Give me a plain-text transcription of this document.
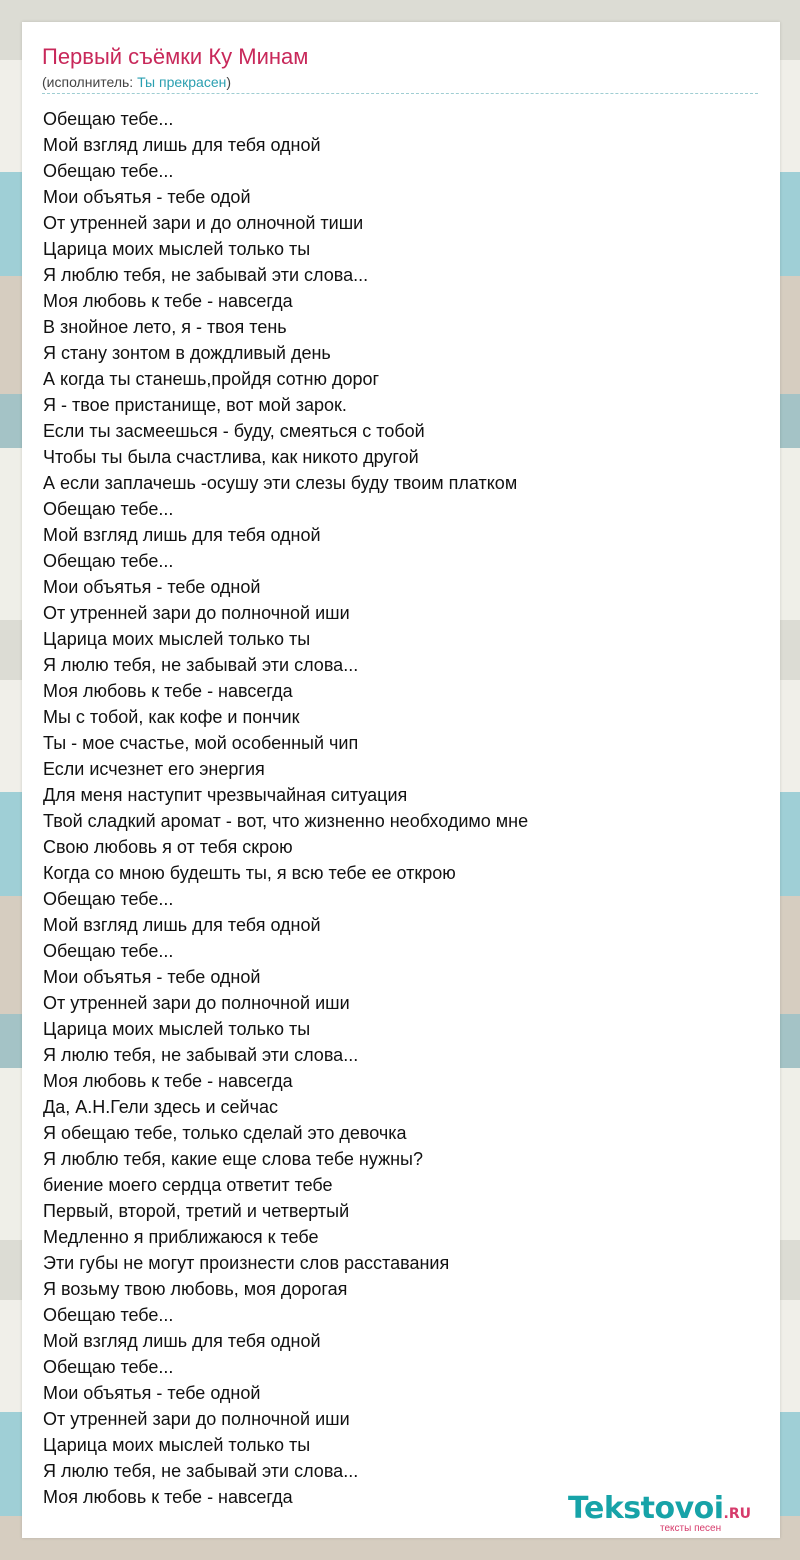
Первый съёмки Ку Минам
(исполнитель: Ты прекрасен)
Обещаю тебе...
Мой взгляд лишь для тебя одной
Обещаю тебе...
Мои объятья - тебе одой
От утренней зари и до олночной тиши
Царица моих мыслей только ты
Я люблю тебя, не забывай эти слова...
Моя любовь к тебе - навсегда
В знойное лето, я - твоя тень
Я стану зонтом в дождливый день
А когда ты станешь,пройдя сотню дорог
Я - твое пристанище, вот мой зарок.
Если ты засмеешься - буду, смеяться с тобой
Чтобы ты была счастлива, как никото другой
А если заплачешь -осушу эти слезы буду твоим платком
Обещаю тебе...
Мой взгляд лишь для тебя одной
Обещаю тебе...
Мои объятья - тебе одной
От утренней зари до полночной иши
Царица моих мыслей только ты
Я люлю тебя, не забывай эти слова...
Моя любовь к тебе - навсегда
Мы с тобой, как кофе и пончик
Ты - мое счастье, мой особенный чип
Если исчезнет его энергия
Для меня наступит чрезвычайная ситуация
Твой сладкий аромат - вот, что жизненно необходимо мне
Свою любовь я от тебя скрою
Когда со мною будешть ты, я всю тебе ее открою
Обещаю тебе...
Мой взгляд лишь для тебя одной
Обещаю тебе...
Мои объятья - тебе одной
От утренней зари до полночной иши
Царица моих мыслей только ты
Я люлю тебя, не забывай эти слова...
Моя любовь к тебе - навсегда
Да, А.Н.Гели здесь и сейчас
Я обещаю тебе, только сделай это девочка
Я люблю тебя, какие еще слова тебе нужны?
биение моего сердца ответит тебе
Первый, второй, третий и четвертый
Медленно я приближаюся к тебе
Эти губы не могут произнести слов расставания
Я возьму твою любовь, моя дорогая
Обещаю тебе...
Мой взгляд лишь для тебя одной
Обещаю тебе...
Мои объятья - тебе одной
От утренней зари до полночной иши
Царица моих мыслей только ты
Я люлю тебя, не забывай эти слова...
Моя любовь к тебе - навсегда	Tekstovoi.RU
тексты песен
